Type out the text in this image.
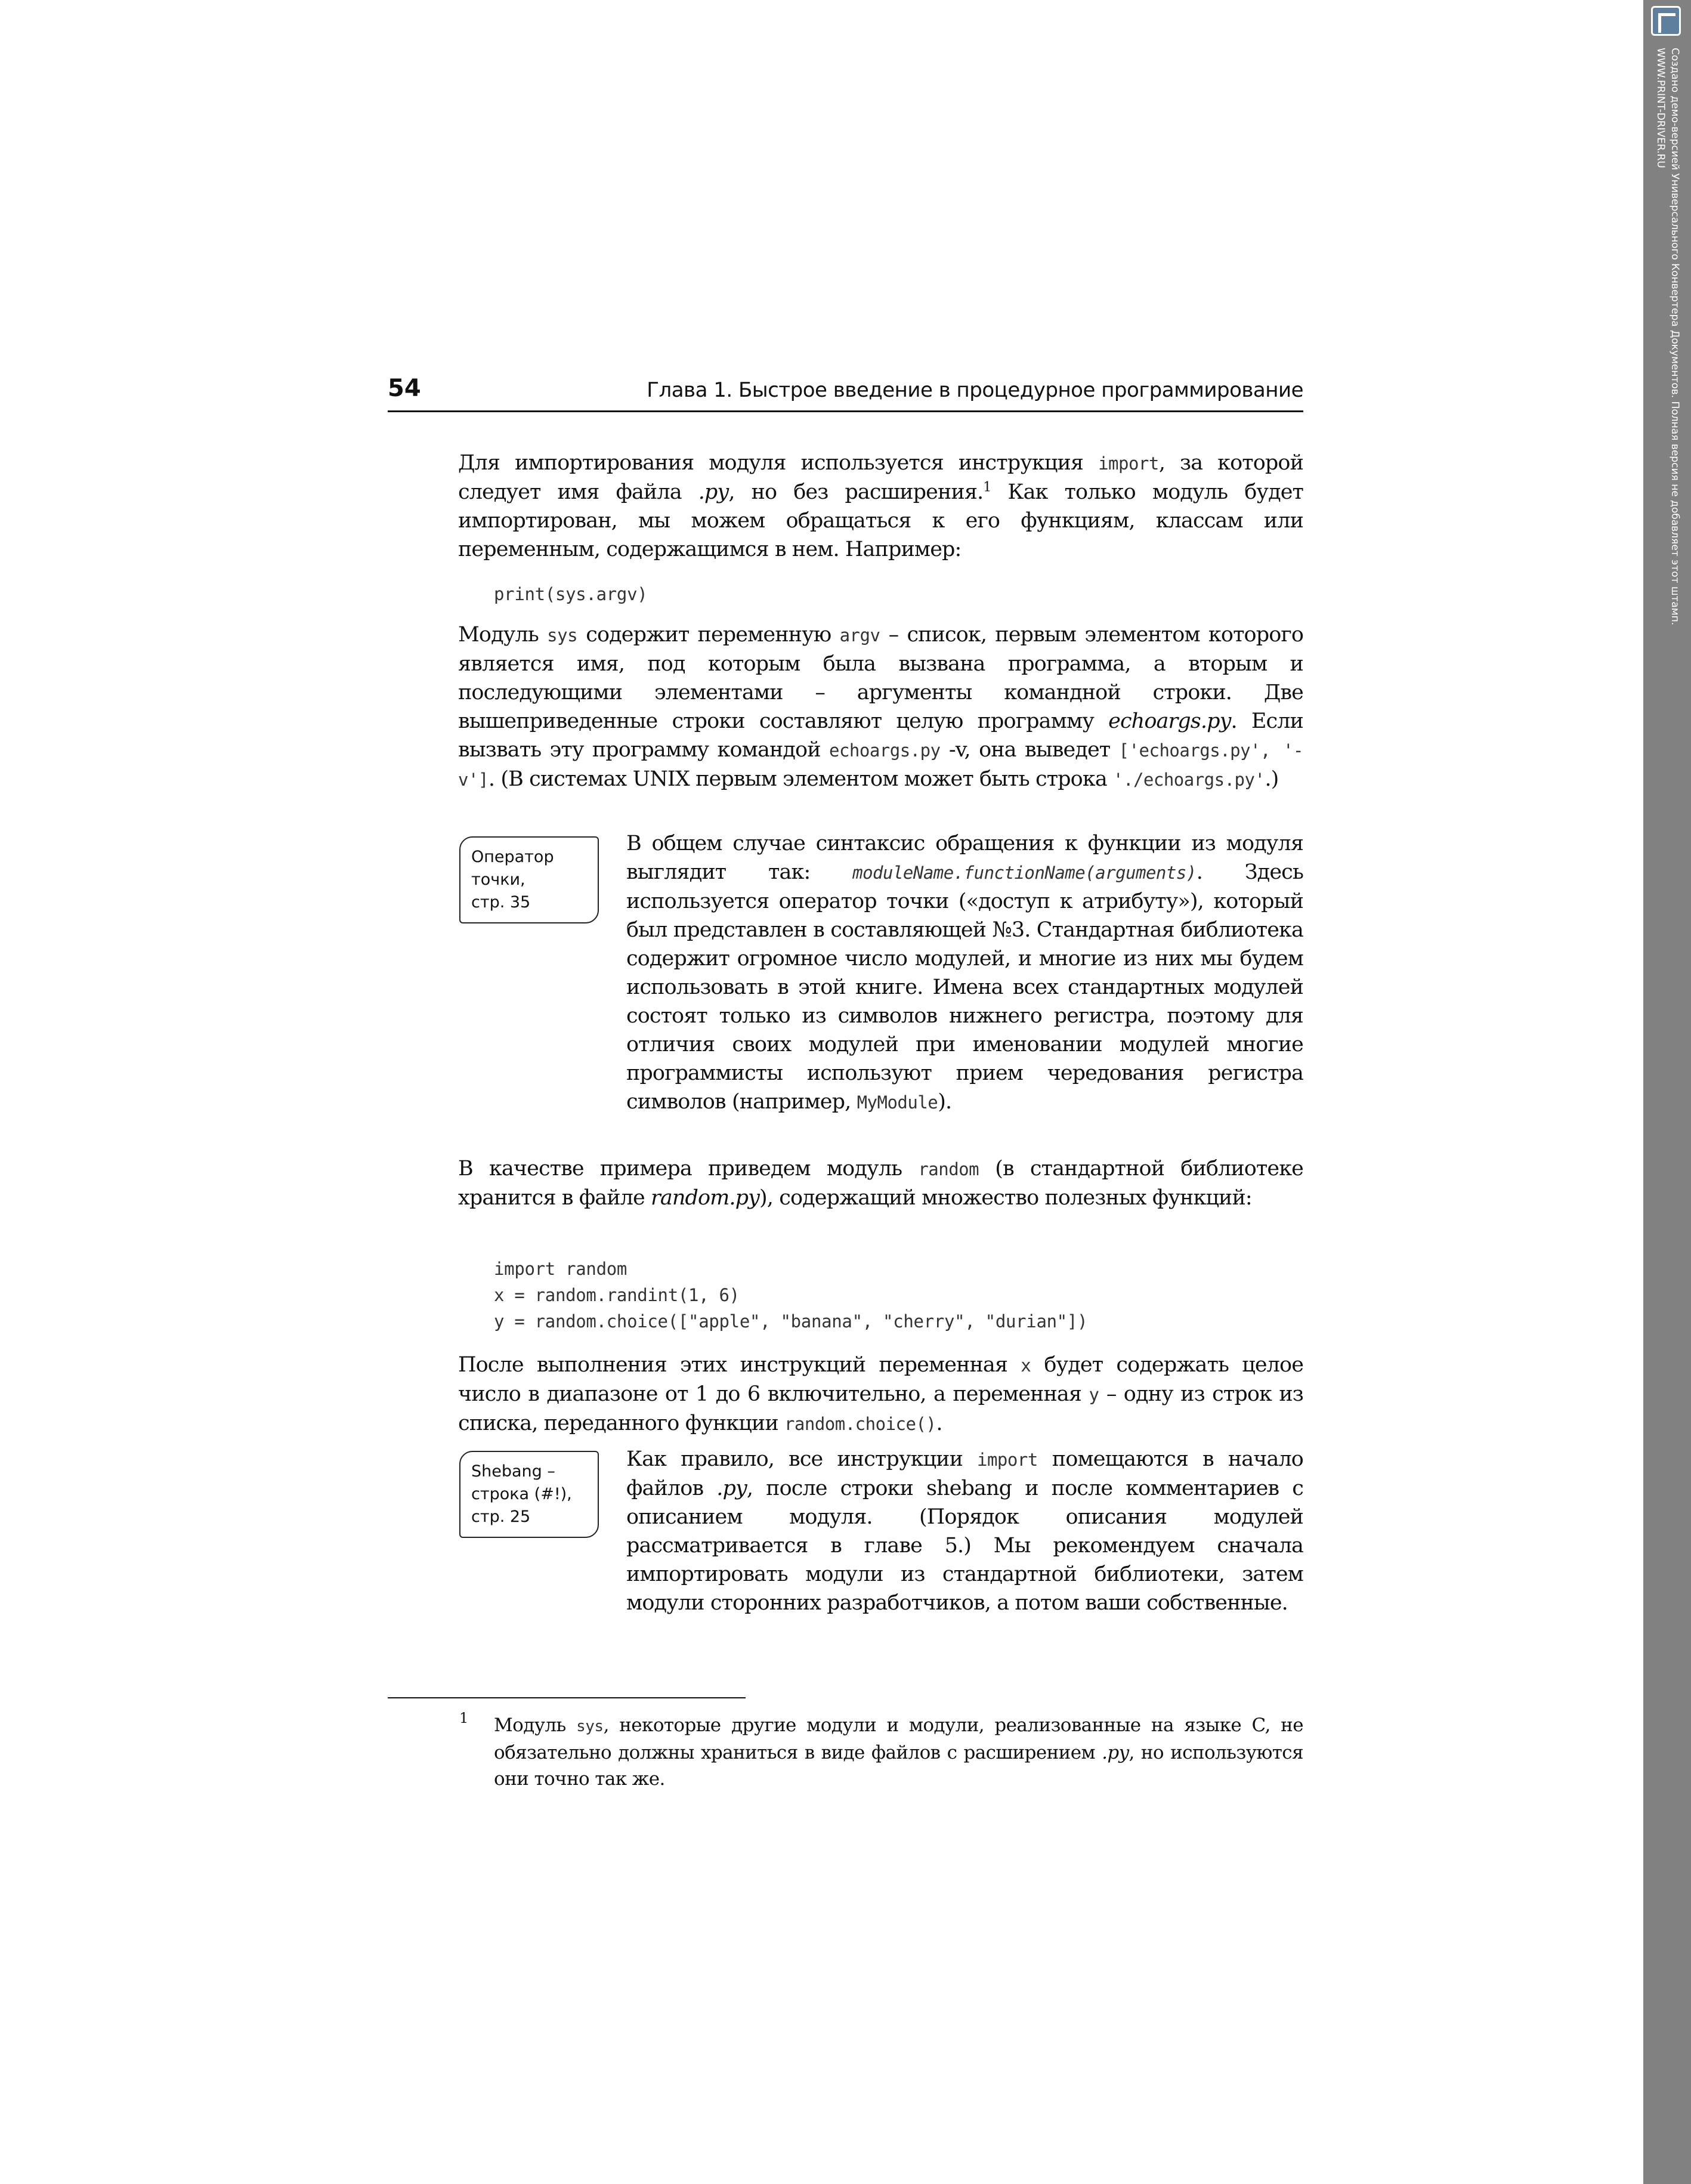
Создано демо-версией Универсального Конвертера Документов. Полная версия не добавляет этот штамп.
WWW.PRINT-DRIVER.RU
54	Глава 1. Быстрое введение в процедурное программирование

Для импортирования модуля используется инструкция import, за которой следует имя файла .py, но без расширения.$^1$ Как только модуль будет импортирован, мы можем обращаться к его функциям, классам или переменным, содержащимся в нем. Например:

print(sys.argv)

Модуль sys содержит переменную argv – список, первым элементом которого является имя, под которым была вызвана программа, а вторым и последующими элементами – аргументы командной строки. Две вышеприведенные строки составляют целую программу echoargs.py. Если вызвать эту программу командой echoargs.py -v, она выведет ['echoargs.py', '-v']. (В системах UNIX первым элементом может быть строка './echoargs.py'.)

Оператор
точки,
стр. 35

В общем случае синтаксис обращения к функции из модуля выглядит так: moduleName.functionName(arguments). Здесь используется оператор точки («доступ к атрибуту»), который был представлен в составляющей №3. Стандартная библиотека содержит огромное число модулей, и многие из них мы будем использовать в этой книге. Имена всех стандартных модулей состоят только из символов нижнего регистра, поэтому для отличия своих модулей при именовании модулей многие программисты используют прием чередования регистра символов (например, MyModule).

В качестве примера приведем модуль random (в стандартной библиотеке хранится в файле random.py), содержащий множество полезных функций:

import random
x = random.randint(1, 6)
y = random.choice(["apple", "banana", "cherry", "durian"])

После выполнения этих инструкций переменная x будет содержать целое число в диапазоне от 1 до 6 включительно, а переменная y – одну из строк из списка, переданного функции random.choice().

Shebang –
строка (#!),
стр. 25

Как правило, все инструкции import помещаются в начало файлов .py, после строки shebang и после комментариев с описанием модуля. (Порядок описания модулей рассматривается в главе 5.) Мы рекомендуем сначала импортировать модули из стандартной библиотеки, затем модули сторонних разработчиков, а потом ваши собственные.

1 Модуль sys, некоторые другие модули и модули, реализованные на языке C, не обязательно должны храниться в виде файлов с расширением .py, но используются они точно так же.
